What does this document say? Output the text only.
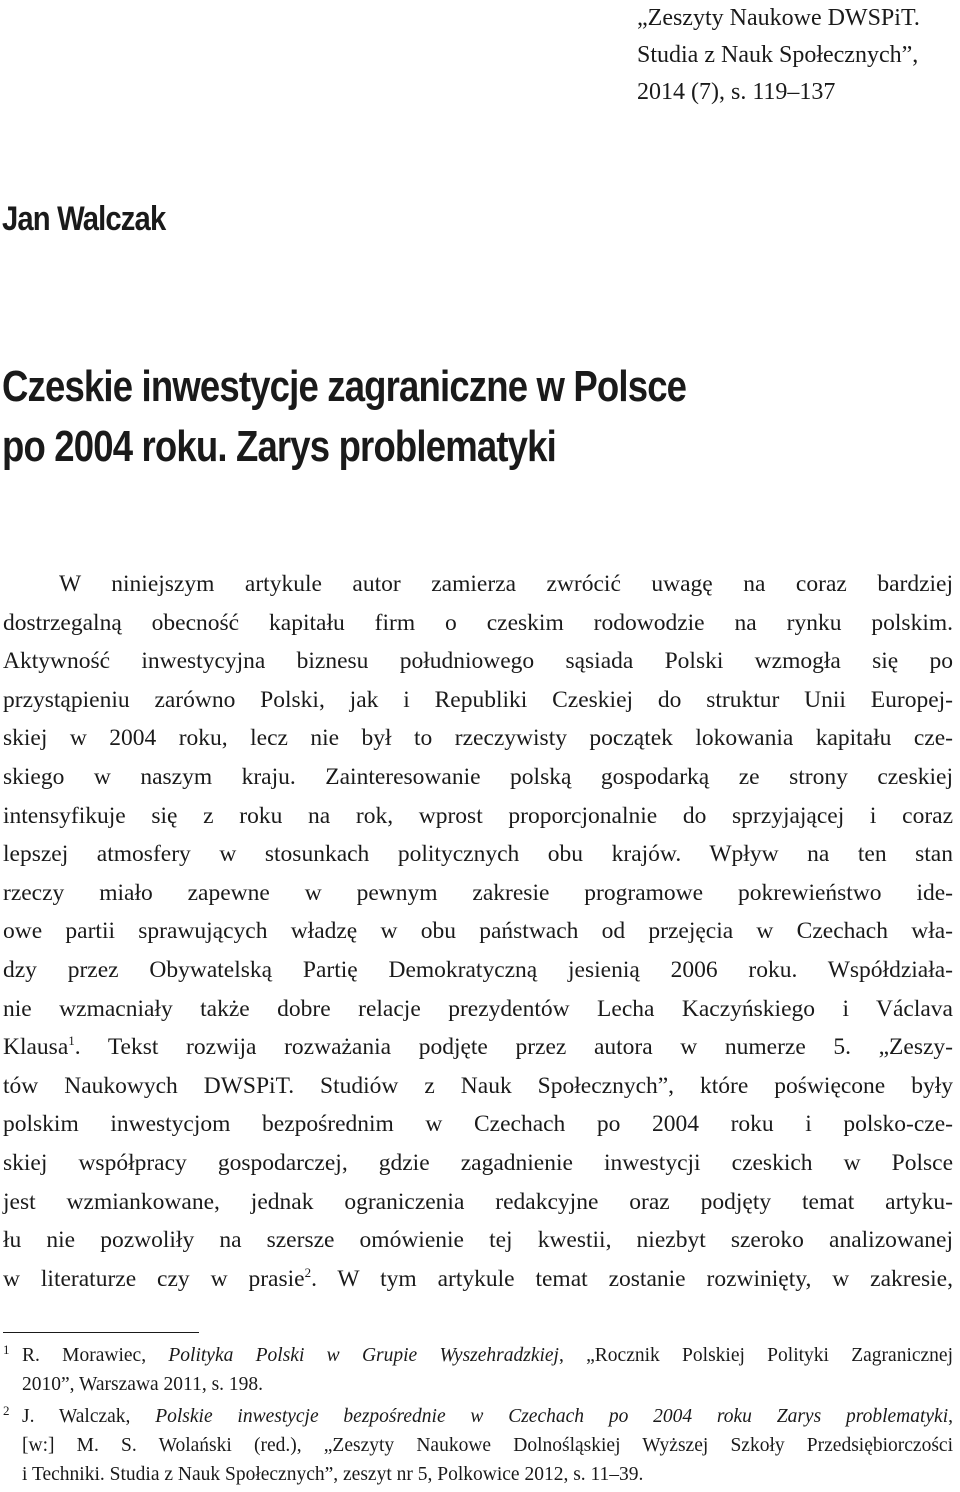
„Zeszyty Naukowe DWSPiT.
Studia z Nauk Społecznych”,
2014 (7), s. 119–137
Jan Walczak
Czeskie inwestycje zagraniczne w Polsce
po 2004 roku. Zarys problematyki
W niniejszym artykule autor zamierza zwrócić uwagę na coraz bardziej
dostrzegalną obecność kapitału firm o czeskim rodowodzie na rynku polskim.
Aktywność inwestycyjna biznesu południowego sąsiada Polski wzmogła się po
przystąpieniu zarówno Polski, jak i Republiki Czeskiej do struktur Unii Europej-
skiej w 2004 roku, lecz nie był to rzeczywisty początek lokowania kapitału cze-
skiego w naszym kraju. Zainteresowanie polską gospodarką ze strony czeskiej
intensyfikuje się z roku na rok, wprost proporcjonalnie do sprzyjającej i coraz
lepszej atmosfery w stosunkach politycznych obu krajów. Wpływ na ten stan
rzeczy miało zapewne w pewnym zakresie programowe pokrewieństwo ide-
owe partii sprawujących władzę w obu państwach od przejęcia w Czechach wła-
dzy przez Obywatelską Partię Demokratyczną jesienią 2006 roku. Współdziała-
nie wzmacniały także dobre relacje prezydentów Lecha Kaczyńskiego i Václava
Klausa$^1$. Tekst rozwija rozważania podjęte przez autora w numerze 5. „Zeszy-
tów Naukowych DWSPiT. Studiów z Nauk Społecznych”, które poświęcone były
polskim inwestycjom bezpośrednim w Czechach po 2004 roku i polsko-cze-
skiej współpracy gospodarczej, gdzie zagadnienie inwestycji czeskich w Polsce
jest wzmiankowane, jednak ograniczenia redakcyjne oraz podjęty temat artyku-
łu nie pozwoliły na szersze omówienie tej kwestii, niezbyt szeroko analizowanej
w literaturze czy w prasie$^2$. W tym artykule temat zostanie rozwinięty, w zakresie,
1 R. Morawiec, Polityka Polski w Grupie Wyszehradzkiej, „Rocznik Polskiej Polityki Zagranicznej
2010”, Warszawa 2011, s. 198.
2 J. Walczak, Polskie inwestycje bezpośrednie w Czechach po 2004 roku Zarys problematyki,
[w:] M. S. Wolański (red.), „Zeszyty Naukowe Dolnośląskiej Wyższej Szkoły Przedsiębiorczości
i Techniki. Studia z Nauk Społecznych”, zeszyt nr 5, Polkowice 2012, s. 11‒39.
